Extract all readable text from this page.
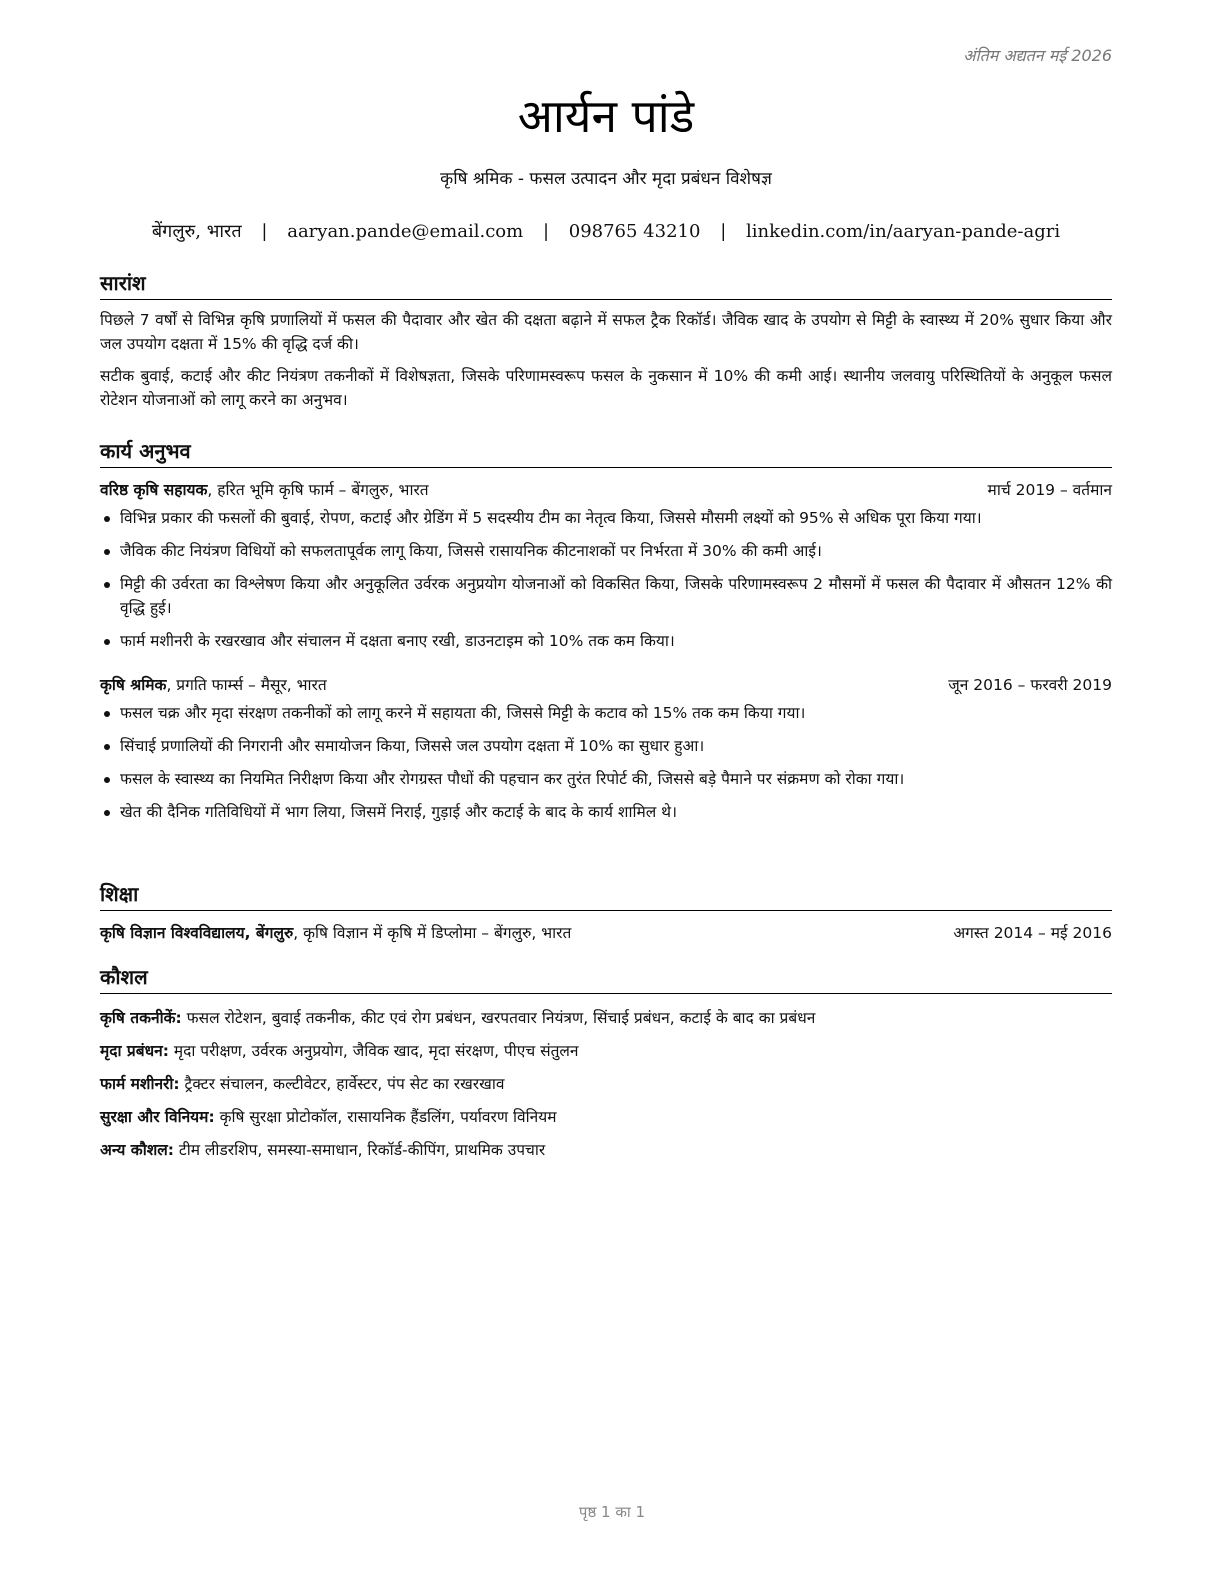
अंतिम अद्यतन मई 2026
आर्यन पांडे
कृषि श्रमिक - फसल उत्पादन और मृदा प्रबंधन विशेषज्ञ
बेंगलुरु, भारत | aaryan.pande@email.com | 098765 43210 | linkedin.com/in/aaryan-pande-agri
सारांश

पिछले 7 वर्षों से विभिन्न कृषि प्रणालियों में फसल की पैदावार और खेत की दक्षता बढ़ाने में सफल ट्रैक रिकॉर्ड। जैविक खाद के उपयोग से मिट्टी के स्वास्थ्य में 20% सुधार किया और जल उपयोग दक्षता में 15% की वृद्धि दर्ज की।

सटीक बुवाई, कटाई और कीट नियंत्रण तकनीकों में विशेषज्ञता, जिसके परिणामस्वरूप फसल के नुकसान में 10% की कमी आई। स्थानीय जलवायु परिस्थितियों के अनुकूल फसल रोटेशन योजनाओं को लागू करने का अनुभव।

कार्य अनुभव
वरिष्ठ कृषि सहायक, हरित भूमि कृषि फार्म – बेंगलुरु, भारत	मार्च 2019 – वर्तमान
विभिन्न प्रकार की फसलों की बुवाई, रोपण, कटाई और ग्रेडिंग में 5 सदस्यीय टीम का नेतृत्व किया, जिससे मौसमी लक्ष्यों को 95% से अधिक पूरा किया गया।
जैविक कीट नियंत्रण विधियों को सफलतापूर्वक लागू किया, जिससे रासायनिक कीटनाशकों पर निर्भरता में 30% की कमी आई।
मिट्टी की उर्वरता का विश्लेषण किया और अनुकूलित उर्वरक अनुप्रयोग योजनाओं को विकसित किया, जिसके परिणामस्वरूप 2 मौसमों में फसल की पैदावार में औसतन 12% की वृद्धि हुई।
फार्म मशीनरी के रखरखाव और संचालन में दक्षता बनाए रखी, डाउनटाइम को 10% तक कम किया।
कृषि श्रमिक, प्रगति फार्म्स – मैसूर, भारत	जून 2016 – फरवरी 2019
फसल चक्र और मृदा संरक्षण तकनीकों को लागू करने में सहायता की, जिससे मिट्टी के कटाव को 15% तक कम किया गया।
सिंचाई प्रणालियों की निगरानी और समायोजन किया, जिससे जल उपयोग दक्षता में 10% का सुधार हुआ।
फसल के स्वास्थ्य का नियमित निरीक्षण किया और रोगग्रस्त पौधों की पहचान कर तुरंत रिपोर्ट की, जिससे बड़े पैमाने पर संक्रमण को रोका गया।
खेत की दैनिक गतिविधियों में भाग लिया, जिसमें निराई, गुड़ाई और कटाई के बाद के कार्य शामिल थे।
शिक्षा
कृषि विज्ञान विश्वविद्यालय, बेंगलुरु, कृषि विज्ञान में कृषि में डिप्लोमा – बेंगलुरु, भारत	अगस्त 2014 – मई 2016
कौशल
कृषि तकनीकें: फसल रोटेशन, बुवाई तकनीक, कीट एवं रोग प्रबंधन, खरपतवार नियंत्रण, सिंचाई प्रबंधन, कटाई के बाद का प्रबंधन
मृदा प्रबंधन: मृदा परीक्षण, उर्वरक अनुप्रयोग, जैविक खाद, मृदा संरक्षण, पीएच संतुलन
फार्म मशीनरी: ट्रैक्टर संचालन, कल्टीवेटर, हार्वेस्टर, पंप सेट का रखरखाव
सुरक्षा और विनियम: कृषि सुरक्षा प्रोटोकॉल, रासायनिक हैंडलिंग, पर्यावरण विनियम
अन्य कौशल: टीम लीडरशिप, समस्या-समाधान, रिकॉर्ड-कीपिंग, प्राथमिक उपचार
पृष्ठ 1 का 1
